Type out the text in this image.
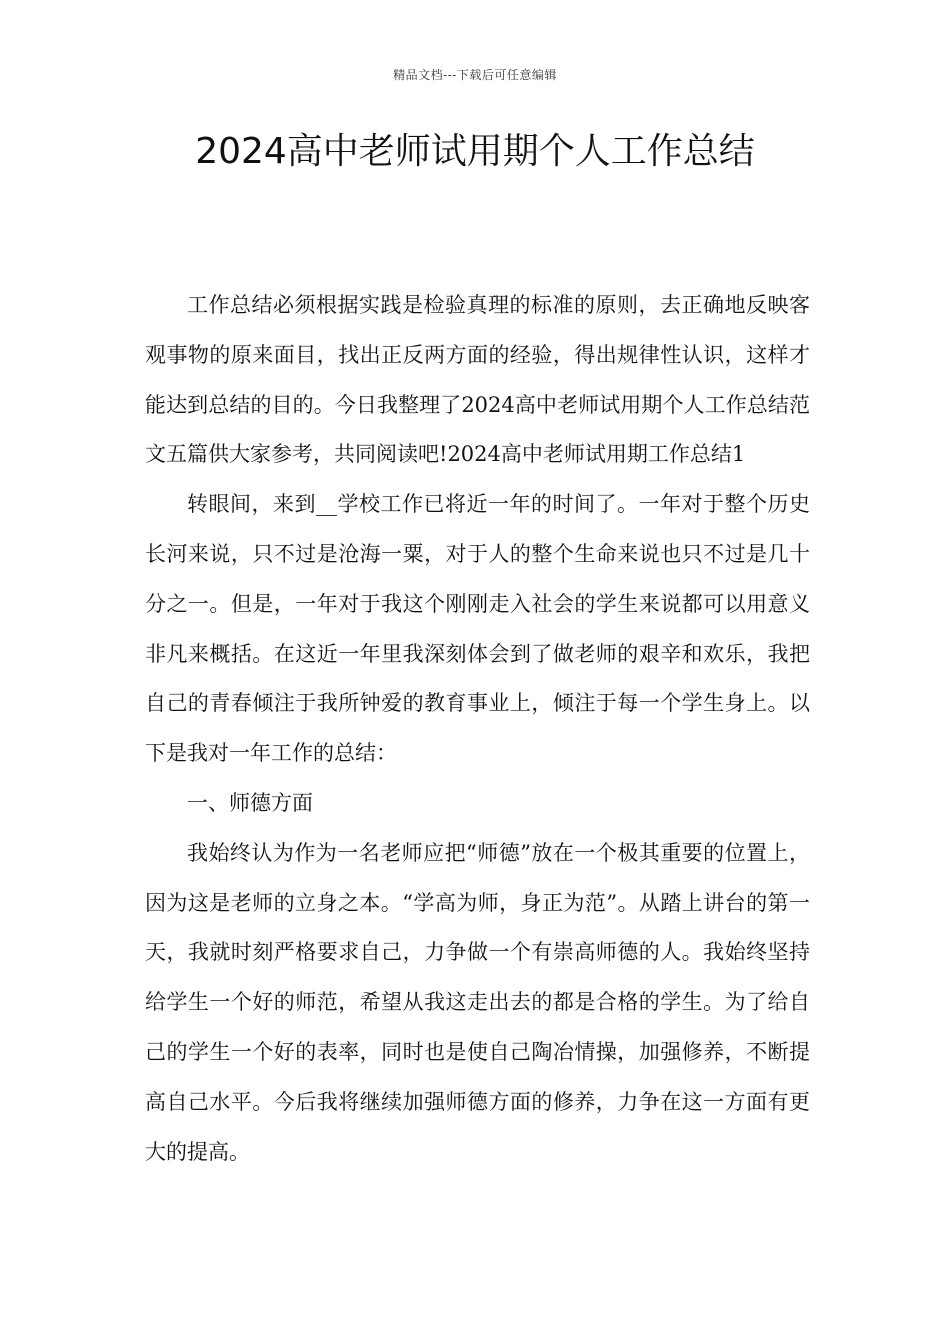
精品文档---下载后可任意编辑
2024高中老师试用期个人工作总结

工作总结必须根据实践是检验真理的标准的原则，去正确地反映客观事物的原来面目，找出正反两方面的经验，得出规律性认识，这样才能达到总结的目的。今日我整理了2024高中老师试用期个人工作总结范文五篇供大家参考，共同阅读吧!2024高中老师试用期工作总结1

转眼间，来到__学校工作已将近一年的时间了。一年对于整个历史长河来说，只不过是沧海一粟，对于人的整个生命来说也只不过是几十分之一。但是，一年对于我这个刚刚走入社会的学生来说都可以用意义非凡来概括。在这近一年里我深刻体会到了做老师的艰辛和欢乐，我把自己的青春倾注于我所钟爱的教育事业上，倾注于每一个学生身上。以下是我对一年工作的总结：

一、师德方面

我始终认为作为一名老师应把“师德”放在一个极其重要的位置上，因为这是老师的立身之本。“学高为师，身正为范”。从踏上讲台的第一天，我就时刻严格要求自己，力争做一个有崇高师德的人。我始终坚持给学生一个好的师范，希望从我这走出去的都是合格的学生。为了给自己的学生一个好的表率，同时也是使自己陶冶情操，加强修养，不断提高自己水平。今后我将继续加强师德方面的修养，力争在这一方面有更大的提高。
